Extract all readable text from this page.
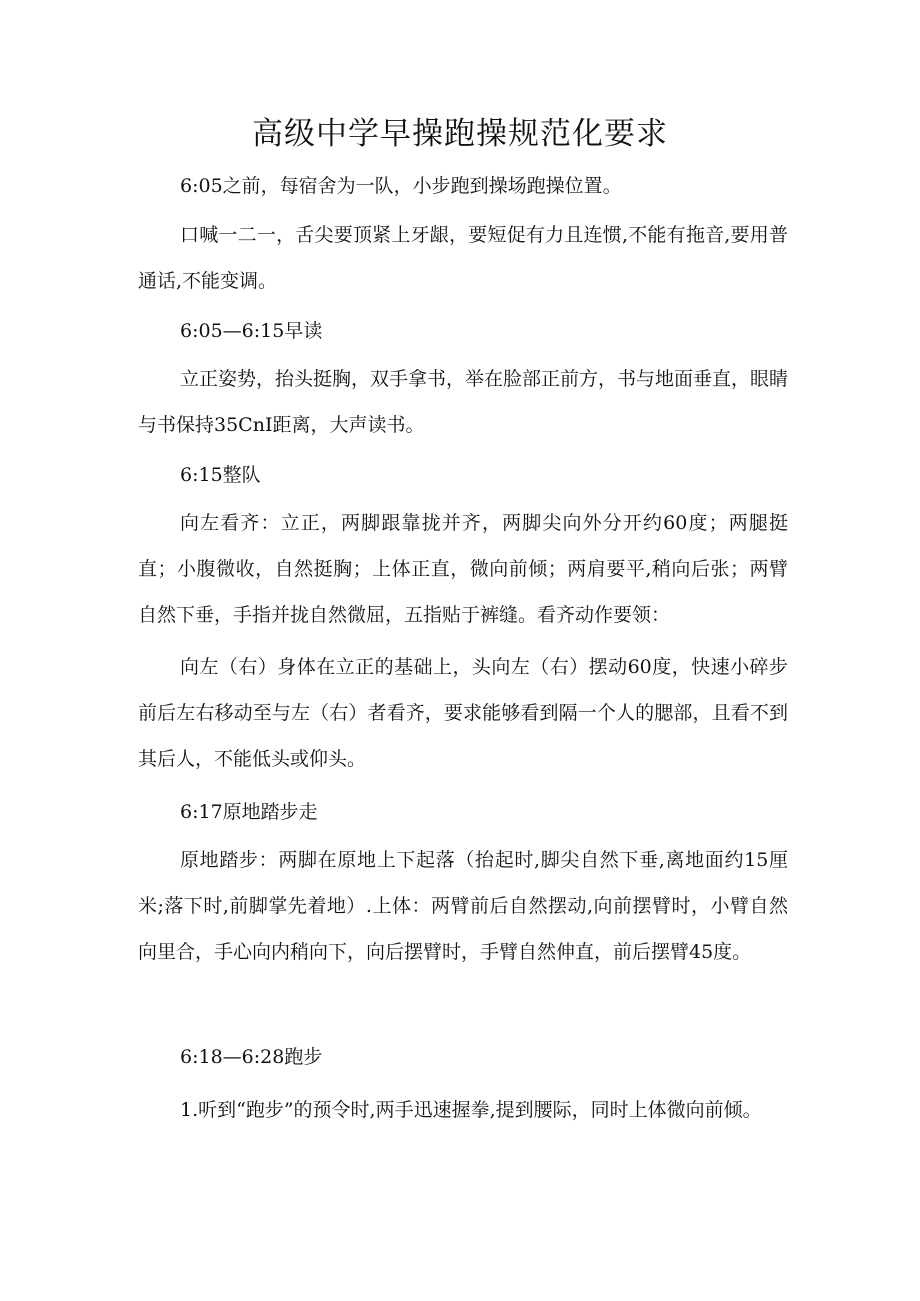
高级中学早操跑操规范化要求

6:05之前，每宿舍为一队，小步跑到操场跑操位置。

口喊一二一，舌尖要顶紧上牙龈，要短促有力且连惯,不能有拖音,要用普通话,不能变调。

6:05—6:15早读

立正姿势，抬头挺胸，双手拿书，举在脸部正前方，书与地面垂直，眼睛与书保持35CnI距离，大声读书。

6:15整队

向左看齐：立正，两脚跟靠拢并齐，两脚尖向外分开约60度；两腿挺直；小腹微收，自然挺胸；上体正直，微向前倾；两肩要平,稍向后张；两臂自然下垂，手指并拢自然微屈，五指贴于裤缝。看齐动作要领：

向左（右）身体在立正的基础上，头向左（右）摆动60度，快速小碎步前后左右移动至与左（右）者看齐，要求能够看到隔一个人的腮部，且看不到其后人，不能低头或仰头。

6:17原地踏步走

原地踏步：两脚在原地上下起落（抬起时,脚尖自然下垂,离地面约15厘米;落下时,前脚掌先着地）.上体：两臂前后自然摆动,向前摆臂时，小臂自然向里合，手心向内稍向下，向后摆臂时，手臂自然伸直，前后摆臂45度。

6:18—6:28跑步

1.听到“跑步”的预令时,两手迅速握拳,提到腰际，同时上体微向前倾。
